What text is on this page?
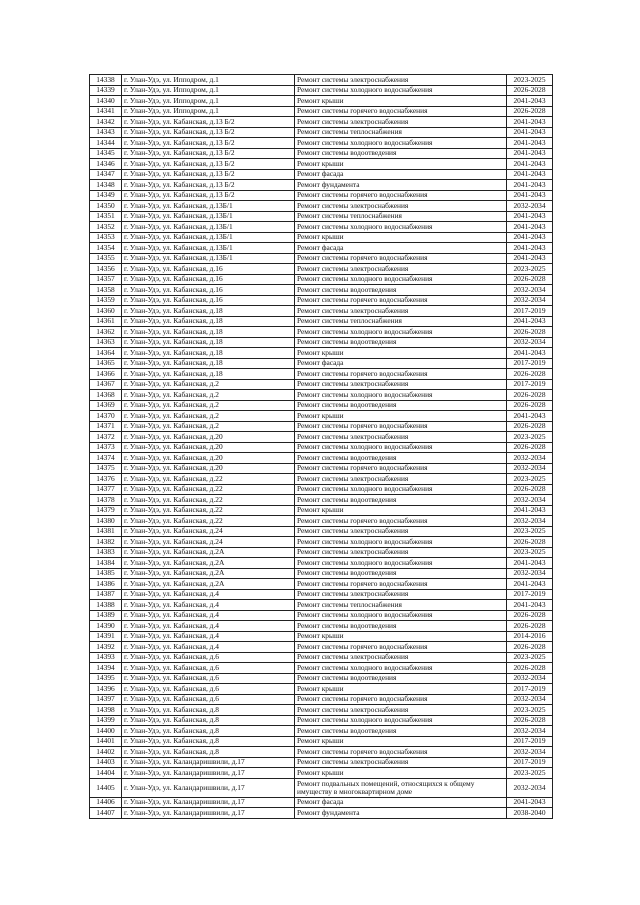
14338	г. Улан-Удэ, ул. Ипподром, д.1	Ремонт системы электроснабжения	2023-2025
14339	г. Улан-Удэ, ул. Ипподром, д.1	Ремонт системы холодного водоснабжения	2026-2028
14340	г. Улан-Удэ, ул. Ипподром, д.1	Ремонт крыши	2041-2043
14341	г. Улан-Удэ, ул. Ипподром, д.1	Ремонт системы горячего водоснабжения	2026-2028
14342	г. Улан-Удэ, ул. Кабанская, д.13 Б/2	Ремонт системы электроснабжения	2041-2043
14343	г. Улан-Удэ, ул. Кабанская, д.13 Б/2	Ремонт системы теплоснабжения	2041-2043
14344	г. Улан-Удэ, ул. Кабанская, д.13 Б/2	Ремонт системы холодного водоснабжения	2041-2043
14345	г. Улан-Удэ, ул. Кабанская, д.13 Б/2	Ремонт системы водоотведения	2041-2043
14346	г. Улан-Удэ, ул. Кабанская, д.13 Б/2	Ремонт крыши	2041-2043
14347	г. Улан-Удэ, ул. Кабанская, д.13 Б/2	Ремонт фасада	2041-2043
14348	г. Улан-Удэ, ул. Кабанская, д.13 Б/2	Ремонт фундамента	2041-2043
14349	г. Улан-Удэ, ул. Кабанская, д.13 Б/2	Ремонт системы горячего водоснабжения	2041-2043
14350	г. Улан-Удэ, ул. Кабанская, д.13Б/1	Ремонт системы электроснабжения	2032-2034
14351	г. Улан-Удэ, ул. Кабанская, д.13Б/1	Ремонт системы теплоснабжения	2041-2043
14352	г. Улан-Удэ, ул. Кабанская, д.13Б/1	Ремонт системы холодного водоснабжения	2041-2043
14353	г. Улан-Удэ, ул. Кабанская, д.13Б/1	Ремонт крыши	2041-2043
14354	г. Улан-Удэ, ул. Кабанская, д.13Б/1	Ремонт фасада	2041-2043
14355	г. Улан-Удэ, ул. Кабанская, д.13Б/1	Ремонт системы горячего водоснабжения	2041-2043
14356	г. Улан-Удэ, ул. Кабанская, д.16	Ремонт системы электроснабжения	2023-2025
14357	г. Улан-Удэ, ул. Кабанская, д.16	Ремонт системы холодного водоснабжения	2026-2028
14358	г. Улан-Удэ, ул. Кабанская, д.16	Ремонт системы водоотведения	2032-2034
14359	г. Улан-Удэ, ул. Кабанская, д.16	Ремонт системы горячего водоснабжения	2032-2034
14360	г. Улан-Удэ, ул. Кабанская, д.18	Ремонт системы электроснабжения	2017-2019
14361	г. Улан-Удэ, ул. Кабанская, д.18	Ремонт системы теплоснабжения	2041-2043
14362	г. Улан-Удэ, ул. Кабанская, д.18	Ремонт системы холодного водоснабжения	2026-2028
14363	г. Улан-Удэ, ул. Кабанская, д.18	Ремонт системы водоотведения	2032-2034
14364	г. Улан-Удэ, ул. Кабанская, д.18	Ремонт крыши	2041-2043
14365	г. Улан-Удэ, ул. Кабанская, д.18	Ремонт фасада	2017-2019
14366	г. Улан-Удэ, ул. Кабанская, д.18	Ремонт системы горячего водоснабжения	2026-2028
14367	г. Улан-Удэ, ул. Кабанская, д.2	Ремонт системы электроснабжения	2017-2019
14368	г. Улан-Удэ, ул. Кабанская, д.2	Ремонт системы холодного водоснабжения	2026-2028
14369	г. Улан-Удэ, ул. Кабанская, д.2	Ремонт системы водоотведения	2026-2028
14370	г. Улан-Удэ, ул. Кабанская, д.2	Ремонт крыши	2041-2043
14371	г. Улан-Удэ, ул. Кабанская, д.2	Ремонт системы горячего водоснабжения	2026-2028
14372	г. Улан-Удэ, ул. Кабанская, д.20	Ремонт системы электроснабжения	2023-2025
14373	г. Улан-Удэ, ул. Кабанская, д.20	Ремонт системы холодного водоснабжения	2026-2028
14374	г. Улан-Удэ, ул. Кабанская, д.20	Ремонт системы водоотведения	2032-2034
14375	г. Улан-Удэ, ул. Кабанская, д.20	Ремонт системы горячего водоснабжения	2032-2034
14376	г. Улан-Удэ, ул. Кабанская, д.22	Ремонт системы электроснабжения	2023-2025
14377	г. Улан-Удэ, ул. Кабанская, д.22	Ремонт системы холодного водоснабжения	2026-2028
14378	г. Улан-Удэ, ул. Кабанская, д.22	Ремонт системы водоотведения	2032-2034
14379	г. Улан-Удэ, ул. Кабанская, д.22	Ремонт крыши	2041-2043
14380	г. Улан-Удэ, ул. Кабанская, д.22	Ремонт системы горячего водоснабжения	2032-2034
14381	г. Улан-Удэ, ул. Кабанская, д.24	Ремонт системы электроснабжения	2023-2025
14382	г. Улан-Удэ, ул. Кабанская, д.24	Ремонт системы холодного водоснабжения	2026-2028
14383	г. Улан-Удэ, ул. Кабанская, д.2А	Ремонт системы электроснабжения	2023-2025
14384	г. Улан-Удэ, ул. Кабанская, д.2А	Ремонт системы холодного водоснабжения	2041-2043
14385	г. Улан-Удэ, ул. Кабанская, д.2А	Ремонт системы водоотведения	2032-2034
14386	г. Улан-Удэ, ул. Кабанская, д.2А	Ремонт системы горячего водоснабжения	2041-2043
14387	г. Улан-Удэ, ул. Кабанская, д.4	Ремонт системы электроснабжения	2017-2019
14388	г. Улан-Удэ, ул. Кабанская, д.4	Ремонт системы теплоснабжения	2041-2043
14389	г. Улан-Удэ, ул. Кабанская, д.4	Ремонт системы холодного водоснабжения	2026-2028
14390	г. Улан-Удэ, ул. Кабанская, д.4	Ремонт системы водоотведения	2026-2028
14391	г. Улан-Удэ, ул. Кабанская, д.4	Ремонт крыши	2014-2016
14392	г. Улан-Удэ, ул. Кабанская, д.4	Ремонт системы горячего водоснабжения	2026-2028
14393	г. Улан-Удэ, ул. Кабанская, д.6	Ремонт системы электроснабжения	2023-2025
14394	г. Улан-Удэ, ул. Кабанская, д.6	Ремонт системы холодного водоснабжения	2026-2028
14395	г. Улан-Удэ, ул. Кабанская, д.6	Ремонт системы водоотведения	2032-2034
14396	г. Улан-Удэ, ул. Кабанская, д.6	Ремонт крыши	2017-2019
14397	г. Улан-Удэ, ул. Кабанская, д.6	Ремонт системы горячего водоснабжения	2032-2034
14398	г. Улан-Удэ, ул. Кабанская, д.8	Ремонт системы электроснабжения	2023-2025
14399	г. Улан-Удэ, ул. Кабанская, д.8	Ремонт системы холодного водоснабжения	2026-2028
14400	г. Улан-Удэ, ул. Кабанская, д.8	Ремонт системы водоотведения	2032-2034
14401	г. Улан-Удэ, ул. Кабанская, д.8	Ремонт крыши	2017-2019
14402	г. Улан-Удэ, ул. Кабанская, д.8	Ремонт системы горячего водоснабжения	2032-2034
14403	г. Улан-Удэ, ул. Каландаришвили, д.17	Ремонт системы электроснабжения	2017-2019
14404	г. Улан-Удэ, ул. Каландаришвили, д.17	Ремонт крыши	2023-2025
14405	г. Улан-Удэ, ул. Каландаришвили, д.17	Ремонт подвальных помещений, относящихся к общему имуществу в многоквартирном доме	2032-2034
14406	г. Улан-Удэ, ул. Каландаришвили, д.17	Ремонт фасада	2041-2043
14407	г. Улан-Удэ, ул. Каландаришвили, д.17	Ремонт фундамента	2038-2040
